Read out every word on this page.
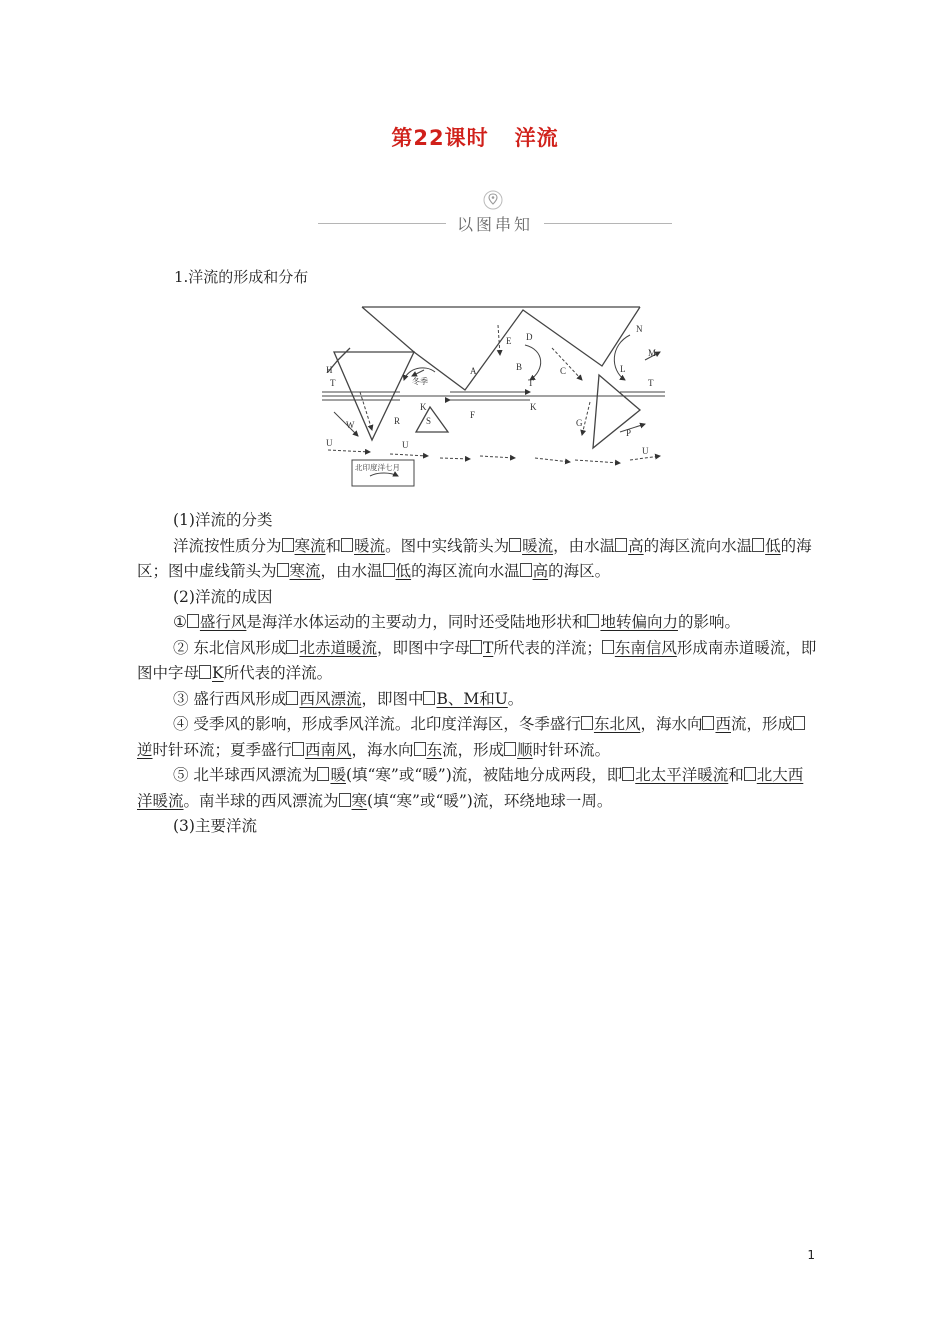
第22课时 洋流
以图串知
1.洋流的形成和分布
H
T
W	R	S
F
K	K
E D
A	B
T
C
N
M
L
T
G
P
U	U
U
冬季
北印度洋七月

(1)洋流的分类

洋流按性质分为 寒流和 暖流。图中实线箭头为 暖流，由水温 高的海区流向水温 低的海区；图中虚线箭头为 寒流，由水温 低的海区流向水温 高的海区。

(2)洋流的成因

① 盛行风是海洋水体运动的主要动力，同时还受陆地形状和 地转偏向力的影响。

② 东北信风形成 北赤道暖流，即图中字母 T所代表的洋流； 东南信风形成南赤道暖流，即图中字母 K所代表的洋流。

③ 盛行西风形成 西风漂流，即图中 B、M和U。

④ 受季风的影响，形成季风洋流。北印度洋海区，冬季盛行 东北风，海水向 西流，形成逆时针环流；夏季盛行 西南风，海水向 东流，形成 顺时针环流。

⑤ 北半球西风漂流为 暖(填“寒”或“暖”)流，被陆地分成两段，即 北太平洋暖流和 北大西洋暖流。南半球的西风漂流为 寒(填“寒”或“暖”)流，环绕地球一周。

(3)主要洋流

1
